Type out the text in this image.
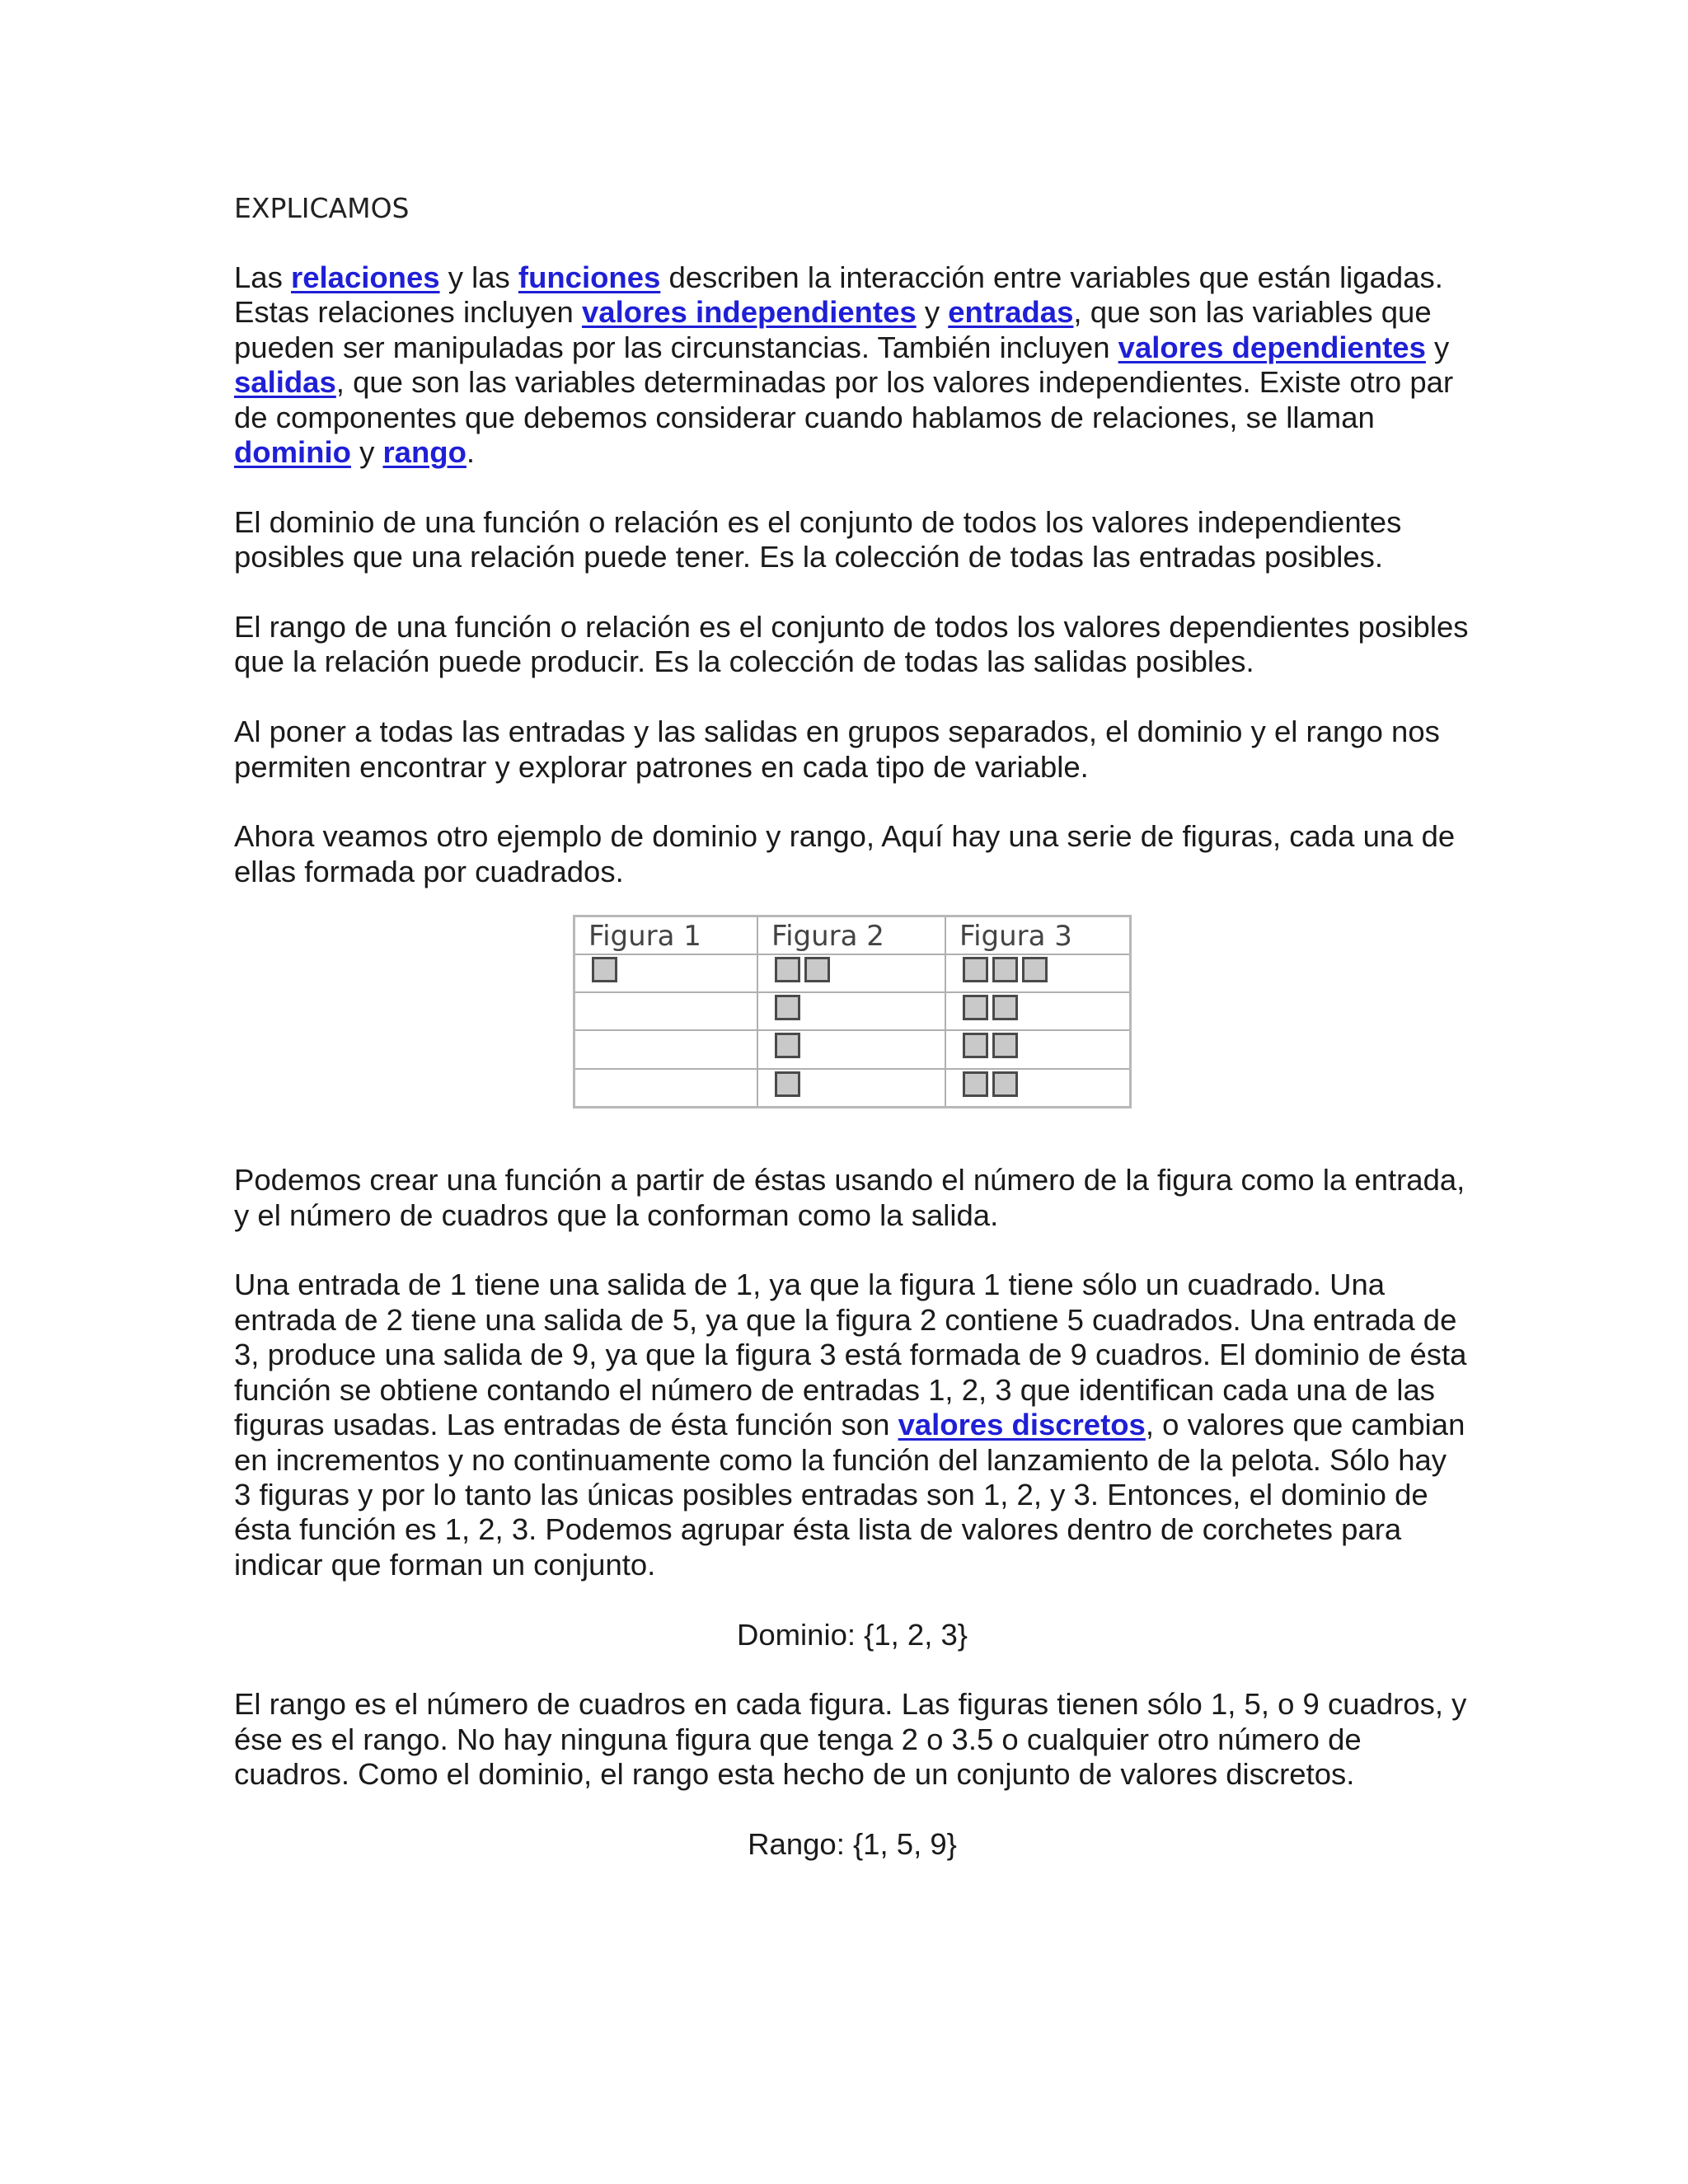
EXPLICAMOS

Las relaciones y las funciones describen la interacción entre variables que están ligadas. Estas relaciones incluyen valores independientes y entradas, que son las variables que pueden ser manipuladas por las circunstancias. También incluyen valores dependientes y salidas, que son las variables determinadas por los valores independientes. Existe otro par de componentes que debemos considerar cuando hablamos de relaciones, se llaman dominio y rango.

El dominio de una función o relación es el conjunto de todos los valores independientes posibles que una relación puede tener. Es la colección de todas las entradas posibles.

El rango de una función o relación es el conjunto de todos los valores dependientes posibles que la relación puede producir. Es la colección de todas las salidas posibles.

Al poner a todas las entradas y las salidas en grupos separados, el dominio y el rango nos permiten encontrar y explorar patrones en cada tipo de variable.

Ahora veamos otro ejemplo de dominio y rango, Aquí hay una serie de figuras, cada una de ellas formada por cuadrados.

Figura 1	Figura 2	Figura 3

Podemos crear una función a partir de éstas usando el número de la figura como la entrada, y el número de cuadros que la conforman como la salida.

Una entrada de 1 tiene una salida de 1, ya que la figura 1 tiene sólo un cuadrado. Una entrada de 2 tiene una salida de 5, ya que la figura 2 contiene 5 cuadrados. Una entrada de 3, produce una salida de 9, ya que la figura 3 está formada de 9 cuadros. El dominio de ésta función se obtiene contando el número de entradas 1, 2, 3 que identifican cada una de las figuras usadas. Las entradas de ésta función son valores discretos, o valores que cambian en incrementos y no continuamente como la función del lanzamiento de la pelota. Sólo hay 3 figuras y por lo tanto las únicas posibles entradas son 1, 2, y 3. Entonces, el dominio de ésta función es 1, 2, 3. Podemos agrupar ésta lista de valores dentro de corchetes para indicar que forman un conjunto.

Dominio: {1, 2, 3}

El rango es el número de cuadros en cada figura. Las figuras tienen sólo 1, 5, o 9 cuadros, y ése es el rango. No hay ninguna figura que tenga 2 o 3.5 o cualquier otro número de cuadros. Como el dominio, el rango esta hecho de un conjunto de valores discretos.

Rango: {1, 5, 9}
